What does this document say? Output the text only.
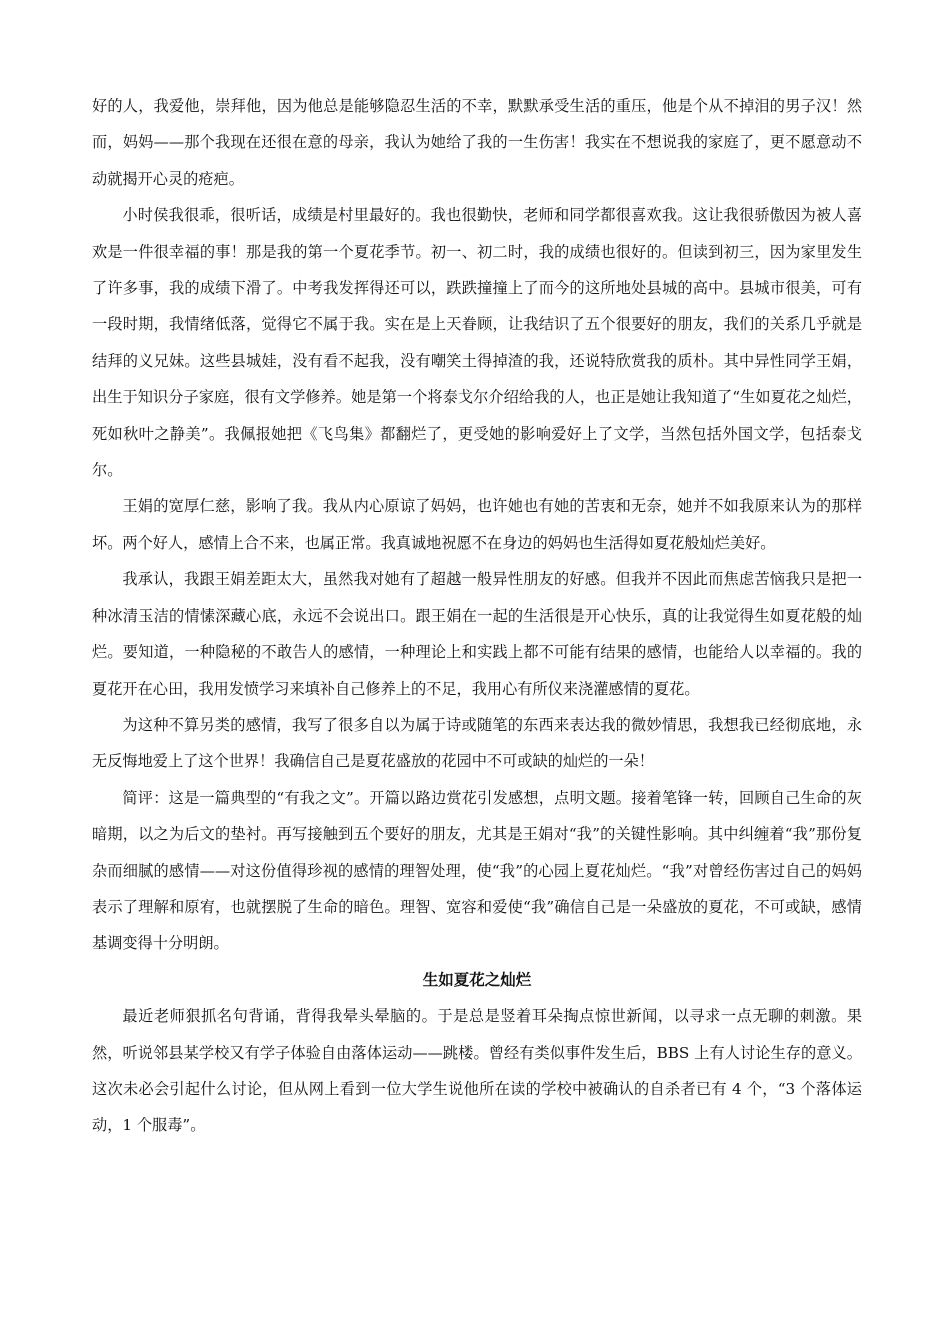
好的人，我爱他，崇拜他，因为他总是能够隐忍生活的不幸，默默承受生活的重压，他是个从不掉泪的男子汉！然而，妈妈——那个我现在还很在意的母亲，我认为她给了我的一生伤害！我实在不想说我的家庭了，更不愿意动不动就揭开心灵的疮疤。

小时侯我很乖，很听话，成绩是村里最好的。我也很勤快，老师和同学都很喜欢我。这让我很骄傲因为被人喜欢是一件很幸福的事！那是我的第一个夏花季节。初一、初二时，我的成绩也很好的。但读到初三，因为家里发生了许多事，我的成绩下滑了。中考我发挥得还可以，跌跌撞撞上了而今的这所地处县城的高中。县城市很美，可有一段时期，我情绪低落，觉得它不属于我。实在是上天眷顾，让我结识了五个很要好的朋友，我们的关系几乎就是结拜的义兄妹。这些县城娃，没有看不起我，没有嘲笑土得掉渣的我，还说特欣赏我的质朴。其中异性同学王娟，出生于知识分子家庭，很有文学修养。她是第一个将泰戈尔介绍给我的人，也正是她让我知道了“生如夏花之灿烂，死如秋叶之静美”。我佩报她把《飞鸟集》都翻烂了，更受她的影响爱好上了文学，当然包括外国文学，包括泰戈尔。

王娟的宽厚仁慈，影响了我。我从内心原谅了妈妈，也许她也有她的苦衷和无奈，她并不如我原来认为的那样坏。两个好人，感情上合不来，也属正常。我真诚地祝愿不在身边的妈妈也生活得如夏花般灿烂美好。

我承认，我跟王娟差距太大，虽然我对她有了超越一般异性朋友的好感。但我并不因此而焦虑苦恼我只是把一种冰清玉洁的情愫深藏心底，永远不会说出口。跟王娟在一起的生活很是开心快乐，真的让我觉得生如夏花般的灿烂。要知道，一种隐秘的不敢告人的感情，一种理论上和实践上都不可能有结果的感情，也能给人以幸福的。我的夏花开在心田，我用发愤学习来填补自己修养上的不足，我用心有所仪来浇灌感情的夏花。

为这种不算另类的感情，我写了很多自以为属于诗或随笔的东西来表达我的微妙情思，我想我已经彻底地，永无反悔地爱上了这个世界！我确信自己是夏花盛放的花园中不可或缺的灿烂的一朵！

简评：这是一篇典型的“有我之文”。开篇以路边赏花引发感想，点明文题。接着笔锋一转，回顾自己生命的灰暗期，以之为后文的垫衬。再写接触到五个要好的朋友，尤其是王娟对“我”的关键性影响。其中纠缠着“我”那份复杂而细腻的感情——对这份值得珍视的感情的理智处理，使“我”的心园上夏花灿烂。“我”对曾经伤害过自己的妈妈表示了理解和原宥，也就摆脱了生命的暗色。理智、宽容和爱使“我”确信自己是一朵盛放的夏花，不可或缺，感情基调变得十分明朗。

生如夏花之灿烂

最近老师狠抓名句背诵，背得我晕头晕脑的。于是总是竖着耳朵掏点惊世新闻，以寻求一点无聊的刺激。果然，听说邻县某学校又有学子体验自由落体运动——跳楼。曾经有类似事件发生后，BBS 上有人讨论生存的意义。这次未必会引起什么讨论，但从网上看到一位大学生说他所在读的学校中被确认的自杀者已有 4 个，“3 个落体运动，1 个服毒”。
